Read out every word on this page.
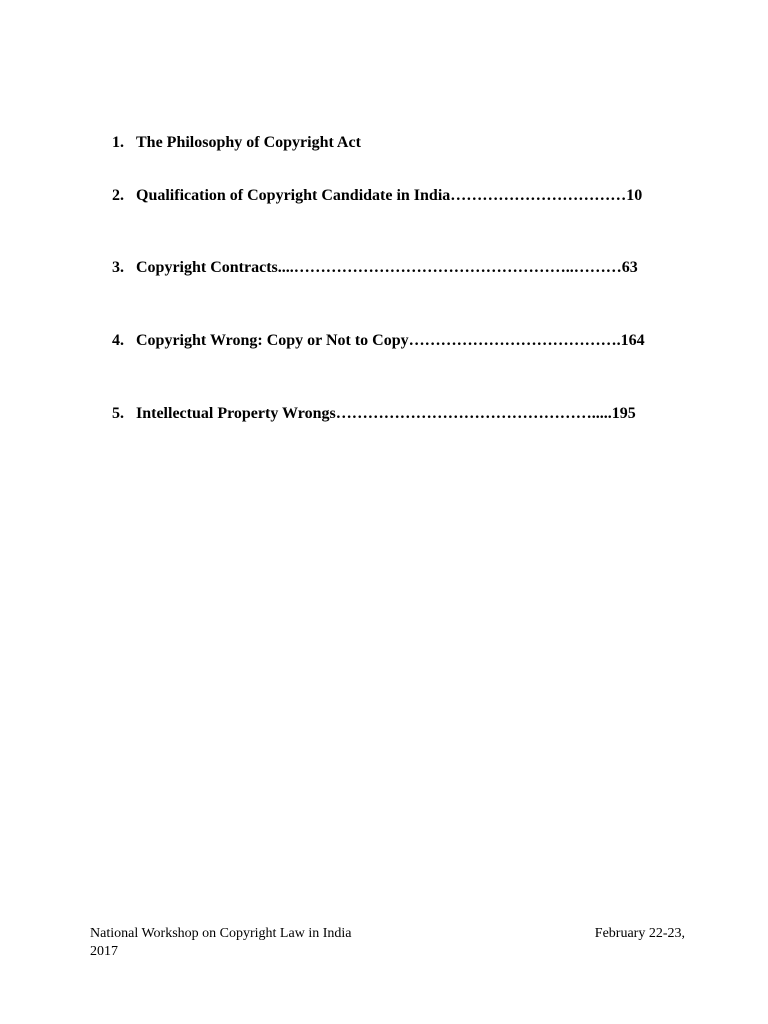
1. The Philosophy of Copyright Act
2. Qualification of Copyright Candidate in India……………………………10
3. Copyright Contracts....……………………………………………..………63
4. Copyright Wrong: Copy or Not to Copy………………………………….164
5. Intellectual Property Wrongs………………………………………….....195
National Workshop on Copyright Law in India	February 22-23,
2017
